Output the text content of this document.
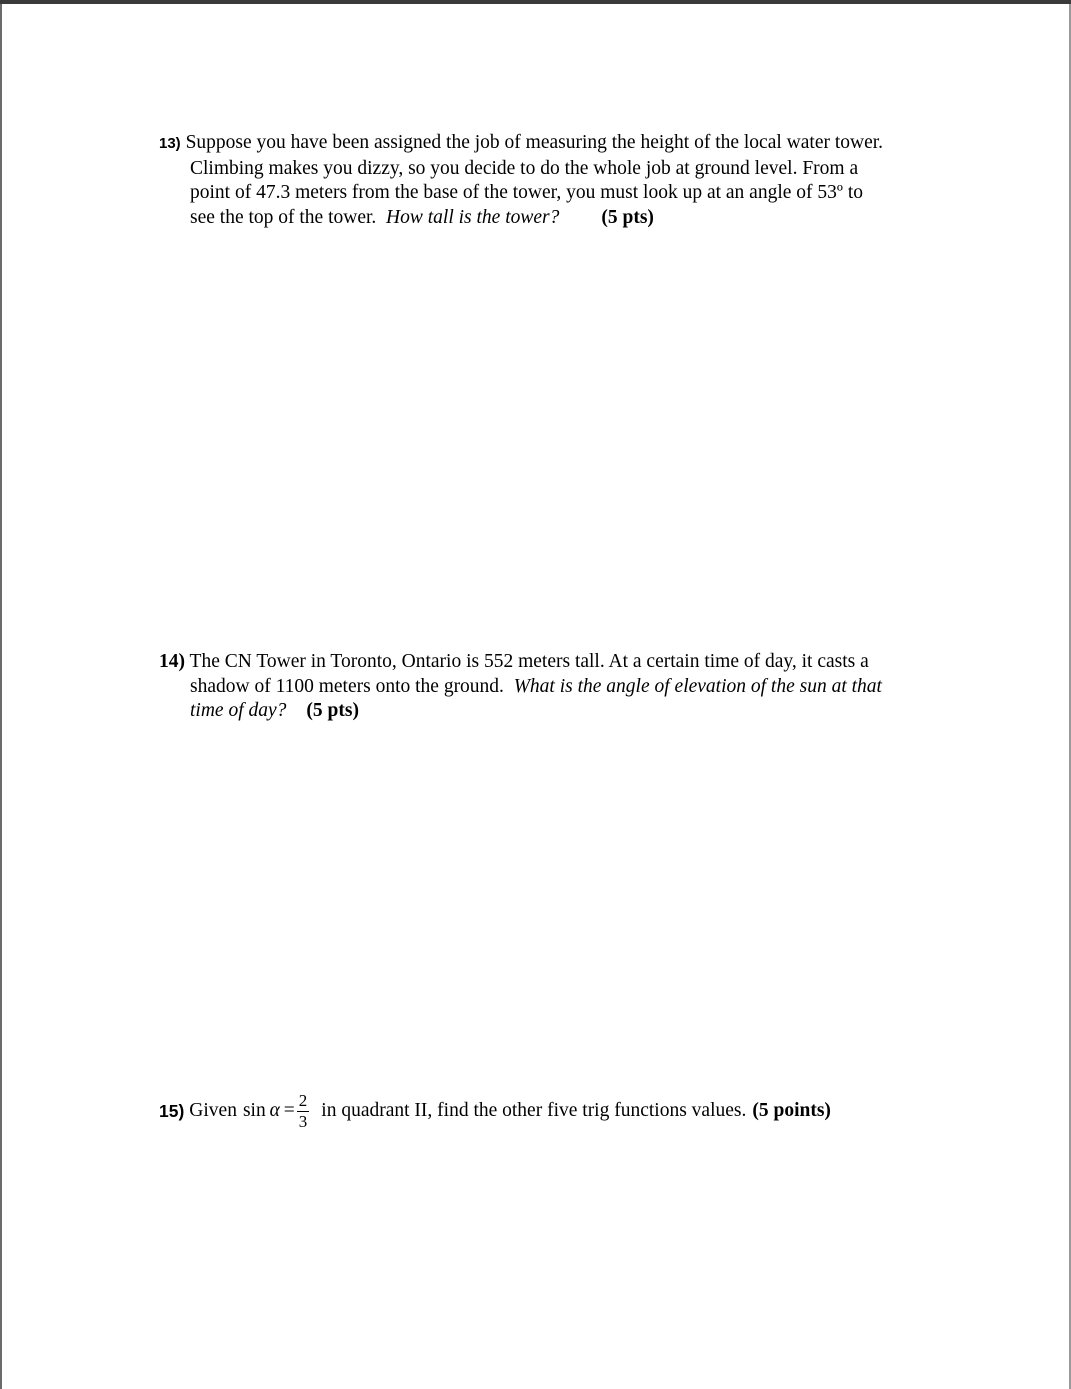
13) Suppose you have been assigned the job of measuring the height of the local water tower.
Climbing makes you dizzy, so you decide to do the whole job at ground level. From a
point of 47.3 meters from the base of the tower, you must look up at an angle of 53º to
see the top of the tower. How tall is the tower? (5 pts)
14) The CN Tower in Toronto, Ontario is 552 meters tall. At a certain time of day, it casts a
shadow of 1100 meters onto the ground. What is the angle of elevation of the sun at that
time of day? (5 pts)
15) Given $\sin \alpha = \frac{2}{3}$ in quadrant II, find the other five trig functions values. (5 points)
